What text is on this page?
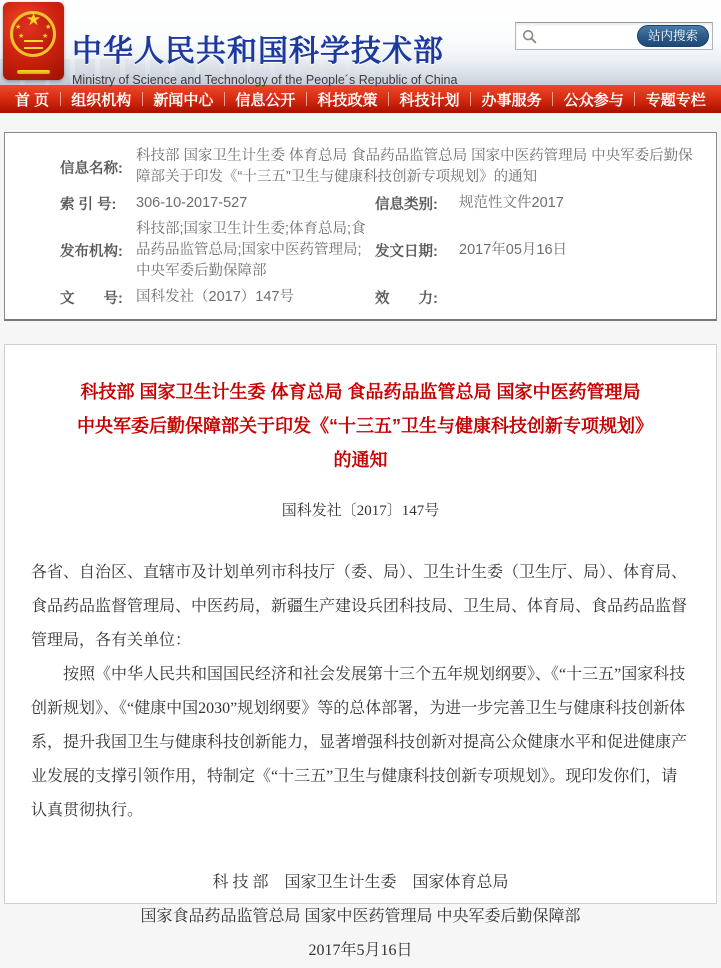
★
★	★
★	★ 中华人民共和国科学技术部
Ministry of Science and Technology of the People´s Republic of China
站内搜索
首 页 组织机构 新闻中心 信息公开 科技政策 科技计划 办事服务 公众参与 专题专栏
信息名称:
科技部 国家卫生计生委 体育总局 食品药品监管总局 国家中医药管理局 中央军委后勤保障部关于印发《“十三五”卫生与健康科技创新专项规划》的通知
索 引 号:	306-10-2017-527	信息类别:	规范性文件2017
发布机构:
科技部;国家卫生计生委;体育总局;食品药品监管总局;国家中医药管理局;中央军委后勤保障部
发文日期:	2017年05月16日
文　　号: 国科发社（2017）147号	效　　力:
科技部 国家卫生计生委 体育总局 食品药品监管总局 国家中医药管理局 中央军委后勤保障部关于印发《“十三五”卫生与健康科技创新专项规划》的通知
国科发社〔2017〕147号

各省、自治区、直辖市及计划单列市科技厅（委、局）、卫生计生委（卫生厅、局）、体育局、食品药品监督管理局、中医药局，新疆生产建设兵团科技局、卫生局、体育局、食品药品监督管理局，各有关单位：

按照《中华人民共和国国民经济和社会发展第十三个五年规划纲要》、《“十三五”国家科技创新规划》、《“健康中国2030”规划纲要》等的总体部署，为进一步完善卫生与健康科技创新体系，提升我国卫生与健康科技创新能力，显著增强科技创新对提高公众健康水平和促进健康产业发展的支撑引领作用，特制定《“十三五”卫生与健康科技创新专项规划》。现印发你们，请认真贯彻执行。

科 技 部　国家卫生计生委　国家体育总局
国家食品药品监管总局 国家中医药管理局 中央军委后勤保障部
2017年5月16日
